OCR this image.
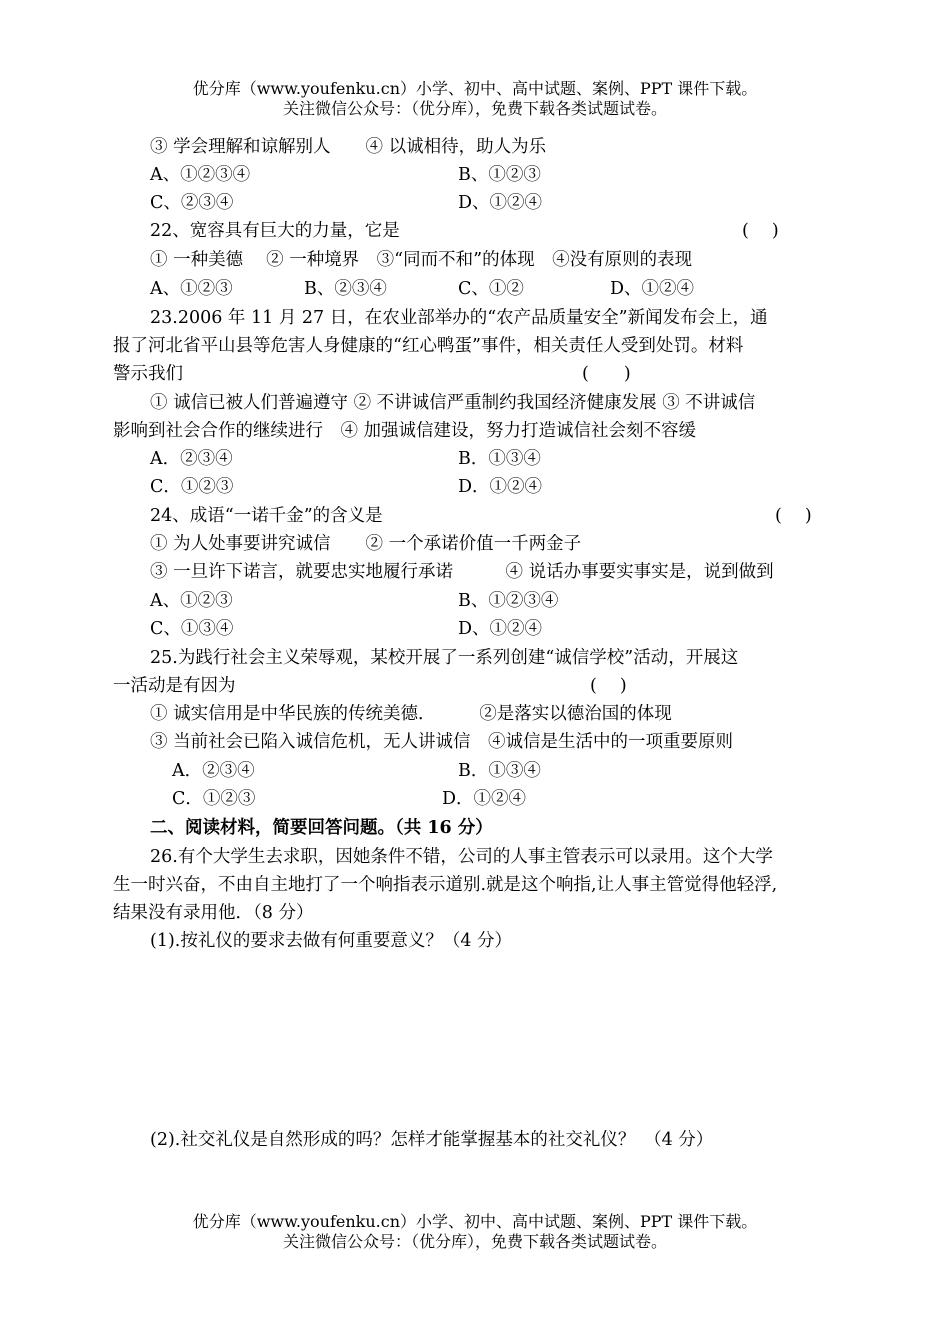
优分库（www.youfenku.cn）小学、初中、高中试题、案例、PPT 课件下载。
关注微信公众号：（优分库），免费下载各类试题试卷。
③ 学会理解和谅解别人　　④ 以诚相待，助人为乐
A、①②③④	B、①②③
C、②③④	D、①②④
22、宽容具有巨大的力量，它是	(　 )
① 一种美德　 ② 一种境界　③“同而不和”的体现　④没有原则的表现
A、①②③	B、②③④	C、①②	D、①②④
23.2006 年 11 月 27 日，在农业部举办的“农产品质量安全”新闻发布会上，通
报了河北省平山县等危害人身健康的“红心鸭蛋”事件，相关责任人受到处罚。材料
警示我们	(　　)
① 诚信已被人们普遍遵守 ② 不讲诚信严重制约我国经济健康发展 ③ 不讲诚信
影响到社会合作的继续进行　④ 加强诚信建设，努力打造诚信社会刻不容缓
A．②③④	B．①③④
C．①②③	D．①②④
24、成语“一诺千金”的含义是	(　 )
① 为人处事要讲究诚信　　② 一个承诺价值一千两金子
③ 一旦许下诺言，就要忠实地履行承诺　　　④ 说话办事要实事实是，说到做到
A、①②③	B、①②③④
C、①③④	D、①②④
25.为践行社会主义荣辱观，某校开展了一系列创建“诚信学校”活动，开展这
一活动是有因为	(　 )
① 诚实信用是中华民族的传统美德．　　　②是落实以德治国的体现
③ 当前社会已陷入诚信危机，无人讲诚信　④诚信是生活中的一项重要原则
A．②③④	B．①③④
C．①②③	D．①②④
二、阅读材料，简要回答问题。（共 16 分）
26.有个大学生去求职，因她条件不错，公司的人事主管表示可以录用。这个大学
生一时兴奋，不由自主地打了一个响指表示道别.就是这个响指,让人事主管觉得他轻浮,
结果没有录用他．（8 分）
(1).按礼仪的要求去做有何重要意义？（4 分）
(2).社交礼仪是自然形成的吗？怎样才能掌握基本的社交礼仪？　（4 分）
优分库（www.youfenku.cn）小学、初中、高中试题、案例、PPT 课件下载。
关注微信公众号：（优分库），免费下载各类试题试卷。
